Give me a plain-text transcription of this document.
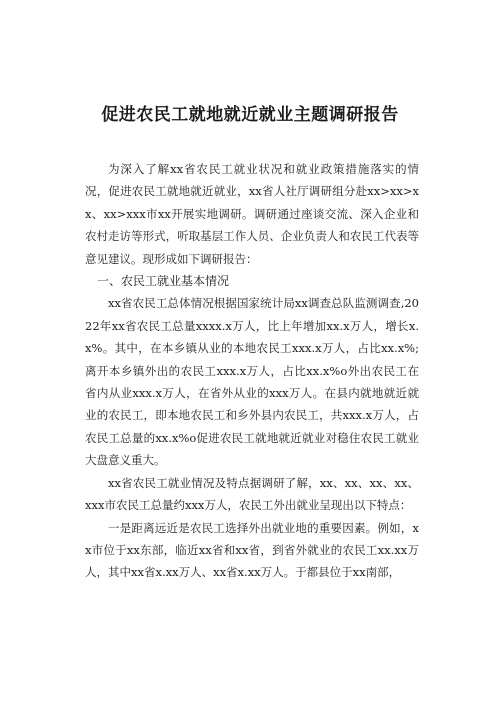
促进农民工就地就近就业主题调研报告

为深入了解xx省农民工就业状况和就业政策措施落实的情况，促进农民工就地就近就业，xx省人社厅调研组分赴xx>xx>xx、xx>xxx市xx开展实地调研。调研通过座谈交流、深入企业和农村走访等形式，听取基层工作人员、企业负责人和农民工代表等意见建议。现形成如下调研报告：

一、农民工就业基本情况

xx省农民工总体情况根据国家统计局xx调查总队监测调查,2022年xx省农民工总量xxxx.x万人，比上年增加xx.x万人，增长x.x%。其中，在本乡镇从业的本地农民工xxx.x万人，占比xx.x%;离开本乡镇外出的农民工xxx.x万人，占比xx.x%o外出农民工在省内从业xxx.x万人，在省外从业的xxx万人。在县内就地就近就业的农民工，即本地农民工和乡外县内农民工，共xxx.x万人，占农民工总量的xx.x%o促进农民工就地就近就业对稳住农民工就业大盘意义重大。

xx省农民工就业情况及特点据调研了解，xx、xx、xx、xx、xxx市农民工总量约xxx万人，农民工外出就业呈现出以下特点：

一是距离远近是农民工选择外出就业地的重要因素。例如，xx市位于xx东部，临近xx省和xx省，到省外就业的农民工xx.xx万人，其中xx省x.xx万人、xx省x.xx万人。于都县位于xx南部，
